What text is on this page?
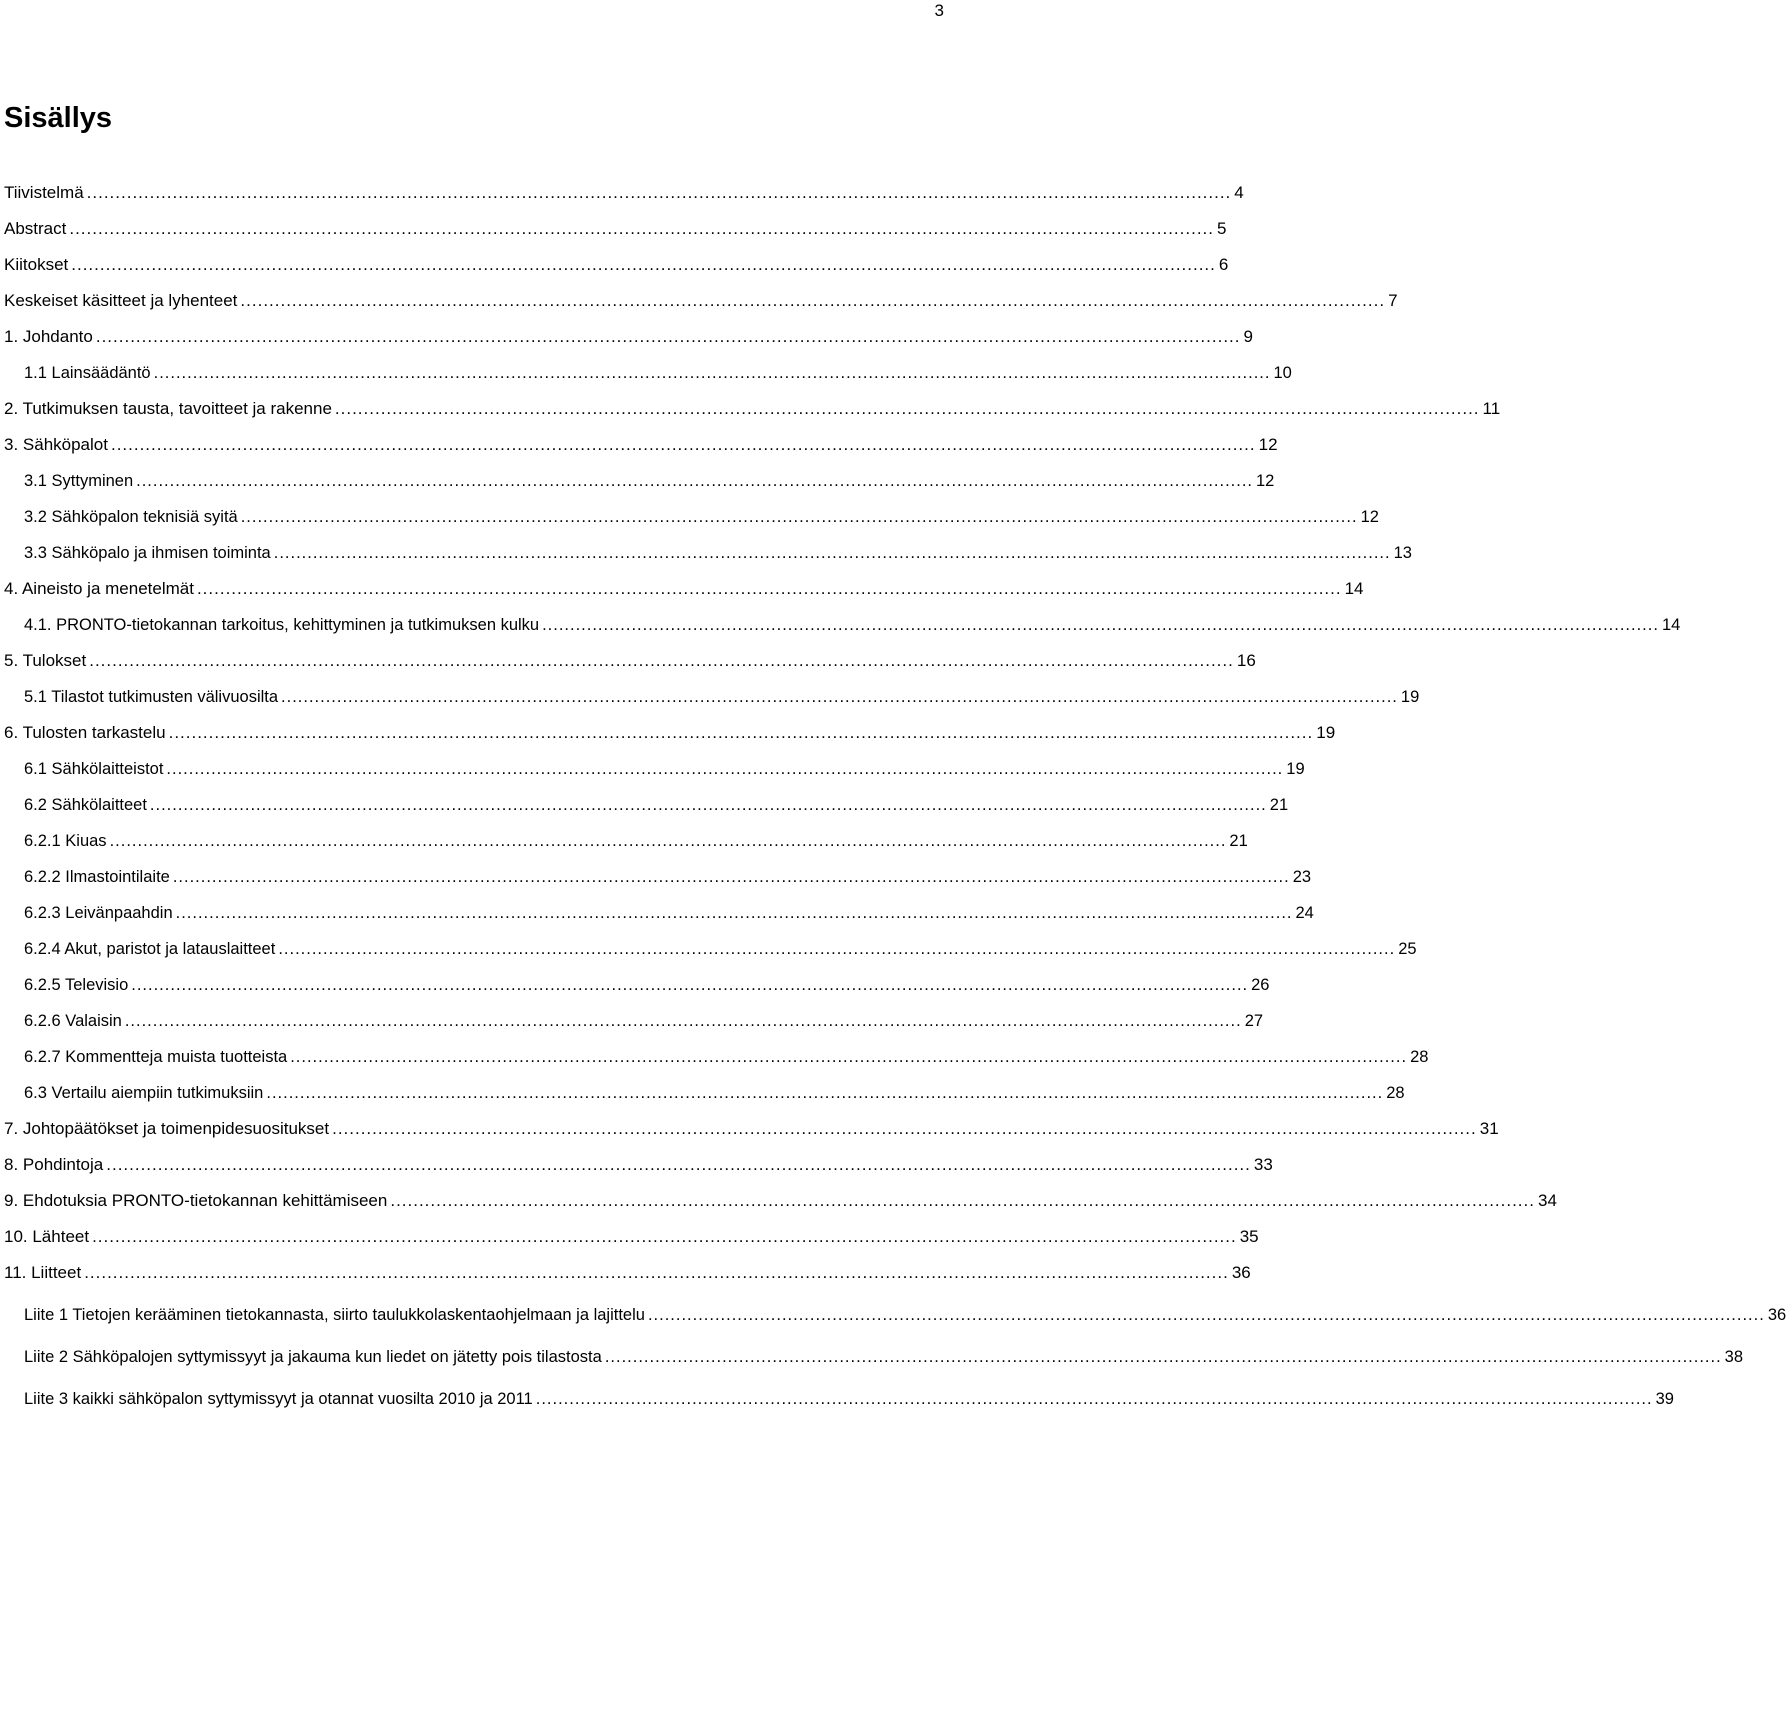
3
Sisällys
Tiivistelmä ........................................................................................................................................................................................................ 4
Abstract ........................................................................................................................................................................................................ 5
Kiitokset ........................................................................................................................................................................................................ 6
Keskeiset käsitteet ja lyhenteet ........................................................................................................................................................................................................ 7
1. Johdanto ........................................................................................................................................................................................................ 9
1.1 Lainsäädäntö ........................................................................................................................................................................................................ 10
2. Tutkimuksen tausta, tavoitteet ja rakenne ........................................................................................................................................................................................................ 11
3. Sähköpalot ........................................................................................................................................................................................................ 12
3.1 Syttyminen ........................................................................................................................................................................................................ 12
3.2 Sähköpalon teknisiä syitä ........................................................................................................................................................................................................ 12
3.3 Sähköpalo ja ihmisen toiminta ........................................................................................................................................................................................................ 13
4. Aineisto ja menetelmät ........................................................................................................................................................................................................ 14
4.1. PRONTO-tietokannan tarkoitus, kehittyminen ja tutkimuksen kulku ........................................................................................................................................................................................................ 14
5. Tulokset ........................................................................................................................................................................................................ 16
5.1 Tilastot tutkimusten välivuosilta ........................................................................................................................................................................................................ 19
6. Tulosten tarkastelu ........................................................................................................................................................................................................ 19
6.1 Sähkölaitteistot ........................................................................................................................................................................................................ 19
6.2 Sähkölaitteet ........................................................................................................................................................................................................ 21
6.2.1 Kiuas ........................................................................................................................................................................................................ 21
6.2.2 Ilmastointilaite ........................................................................................................................................................................................................ 23
6.2.3 Leivänpaahdin ........................................................................................................................................................................................................ 24
6.2.4 Akut, paristot ja latauslaitteet ........................................................................................................................................................................................................ 25
6.2.5 Televisio ........................................................................................................................................................................................................ 26
6.2.6 Valaisin ........................................................................................................................................................................................................ 27
6.2.7 Kommentteja muista tuotteista ........................................................................................................................................................................................................ 28
6.3 Vertailu aiempiin tutkimuksiin ........................................................................................................................................................................................................ 28
7. Johtopäätökset ja toimenpidesuositukset ........................................................................................................................................................................................................ 31
8. Pohdintoja ........................................................................................................................................................................................................ 33
9. Ehdotuksia PRONTO-tietokannan kehittämiseen ........................................................................................................................................................................................................ 34
10. Lähteet ........................................................................................................................................................................................................ 35
11. Liitteet ........................................................................................................................................................................................................ 36
Liite 1 Tietojen kerääminen tietokannasta, siirto taulukkolaskentaohjelmaan ja lajittelu ........................................................................................................................................................................................................ 36
Liite 2 Sähköpalojen syttymissyyt ja jakauma kun liedet on jätetty pois tilastosta ........................................................................................................................................................................................................ 38
Liite 3 kaikki sähköpalon syttymissyyt ja otannat vuosilta 2010 ja 2011 ........................................................................................................................................................................................................ 39
